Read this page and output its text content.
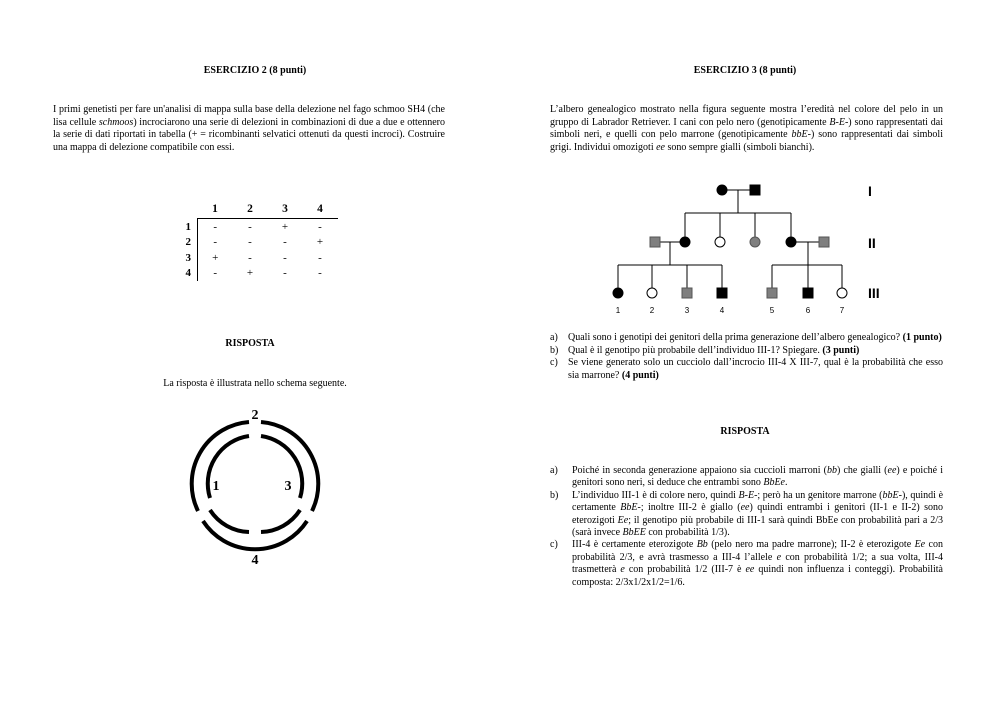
ESERCIZIO 2 (8 punti)
I primi genetisti per fare un'analisi di mappa sulla base della delezione nel fago schmoo SH4 (che lisa cellule schmoos) incrociarono una serie di delezioni in combinazioni di due a due e ottennero la serie di dati riportati in tabella (+ = ricombinanti selvatici ottenuti da questi incroci). Costruire una mappa di delezione compatibile con essi.
	1	2	3	4
1	-	-	+	-
2	-	-	-	+
3	+	-	-	-
4	-	+	-	-
RISPOSTA
La risposta è illustrata nello schema seguente.
2
1	3
4
ESERCIZIO 3 (8 punti)
L’albero genealogico mostrato nella figura seguente mostra l’eredità nel colore del pelo in un gruppo di Labrador Retriever. I cani con pelo nero (genotipicamente B-E-) sono rappresentati dai simboli neri, e quelli con pelo marrone (genotipicamente bbE-) sono rappresentati dai simboli grigi. Individui omozigoti ee sono sempre gialli (simboli bianchi).
1	2	3	4	5	6	7
I
II
III
a) Quali sono i genotipi dei genitori della prima generazione dell’albero genealogico? (1 punto)
b) Qual è il genotipo più probabile dell’individuo III-1? Spiegare. (3 punti)
c) Se viene generato solo un cucciolo dall’incrocio III-4 X III-7, qual è la probabilità che esso sia marrone? (4 punti)
RISPOSTA
a) Poiché in seconda generazione appaiono sia cuccioli marroni (bb) che gialli (ee) e poiché i genitori sono neri, si deduce che entrambi sono BbEe.
b) L’individuo III-1 è di colore nero, quindi B-E-; però ha un genitore marrone (bbE-), quindi è certamente BbE-; inoltre III-2 è giallo (ee) quindi entrambi i genitori (II-1 e II-2) sono eterozigoti Ee; il genotipo più probabile di III-1 sarà quindi BbEe con probabilità pari a 2/3 (sarà invece BbEE con probabilità 1/3).
c) III-4 è certamente eterozigote Bb (pelo nero ma padre marrone); II-2 è eterozigote Ee con probabilità 2/3, e avrà trasmesso a III-4 l’allele e con probabilità 1/2; a sua volta, III-4 trasmetterà e con probabilità 1/2 (III-7 è ee quindi non influenza i conteggi). Probabilità composta: 2/3x1/2x1/2=1/6.
